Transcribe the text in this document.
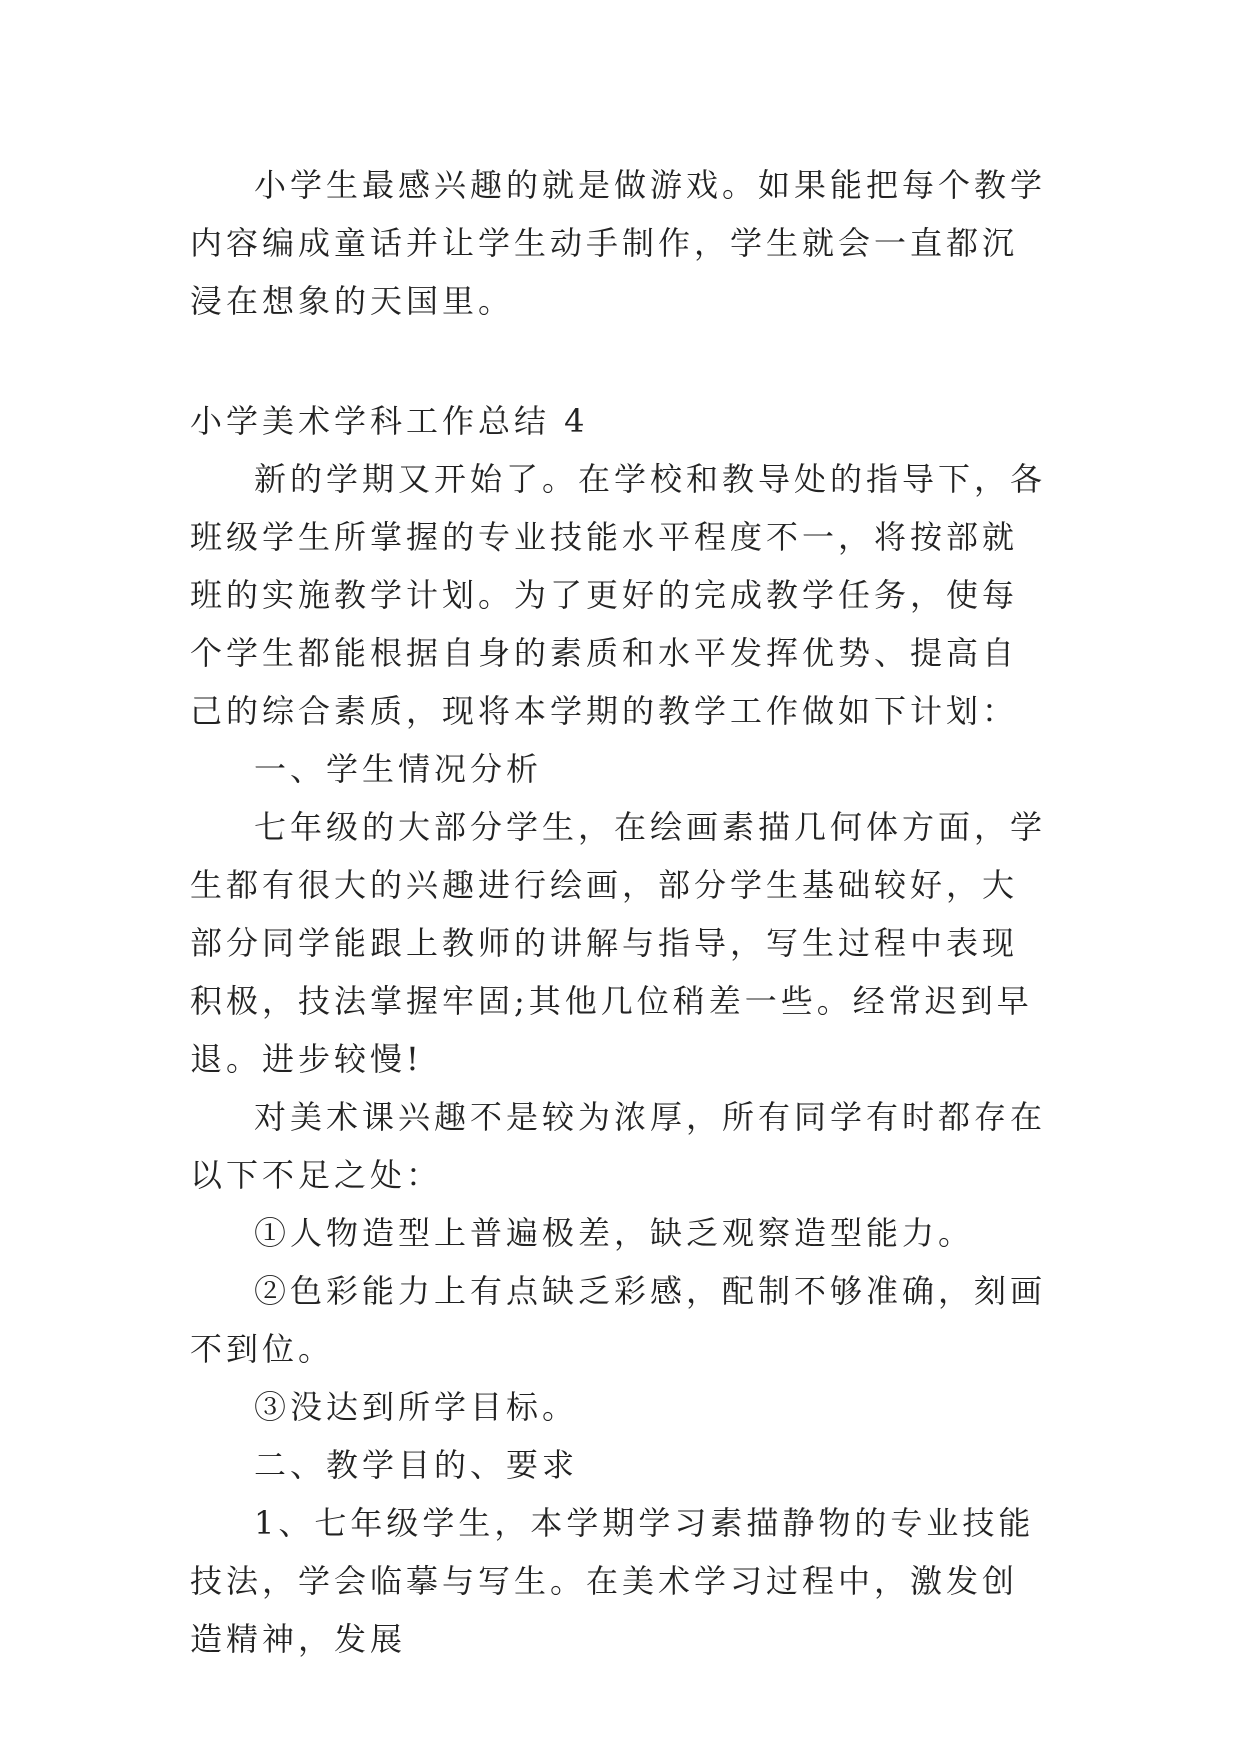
小学生最感兴趣的就是做游戏。如果能把每个教学内容编成童话并让学生动手制作，学生就会一直都沉浸在想象的天国里。

小学美术学科工作总结 4

新的学期又开始了。在学校和教导处的指导下，各班级学生所掌握的专业技能水平程度不一，将按部就班的实施教学计划。为了更好的完成教学任务，使每个学生都能根据自身的素质和水平发挥优势、提高自己的综合素质，现将本学期的教学工作做如下计划：

一、学生情况分析

七年级的大部分学生，在绘画素描几何体方面，学生都有很大的兴趣进行绘画，部分学生基础较好，大部分同学能跟上教师的讲解与指导，写生过程中表现积极，技法掌握牢固;其他几位稍差一些。经常迟到早退。进步较慢!

对美术课兴趣不是较为浓厚，所有同学有时都存在以下不足之处：

①人物造型上普遍极差，缺乏观察造型能力。

②色彩能力上有点缺乏彩感，配制不够准确，刻画不到位。

③没达到所学目标。

二、教学目的、要求

1、七年级学生，本学期学习素描静物的专业技能技法，学会临摹与写生。在美术学习过程中，激发创造精神，发展
